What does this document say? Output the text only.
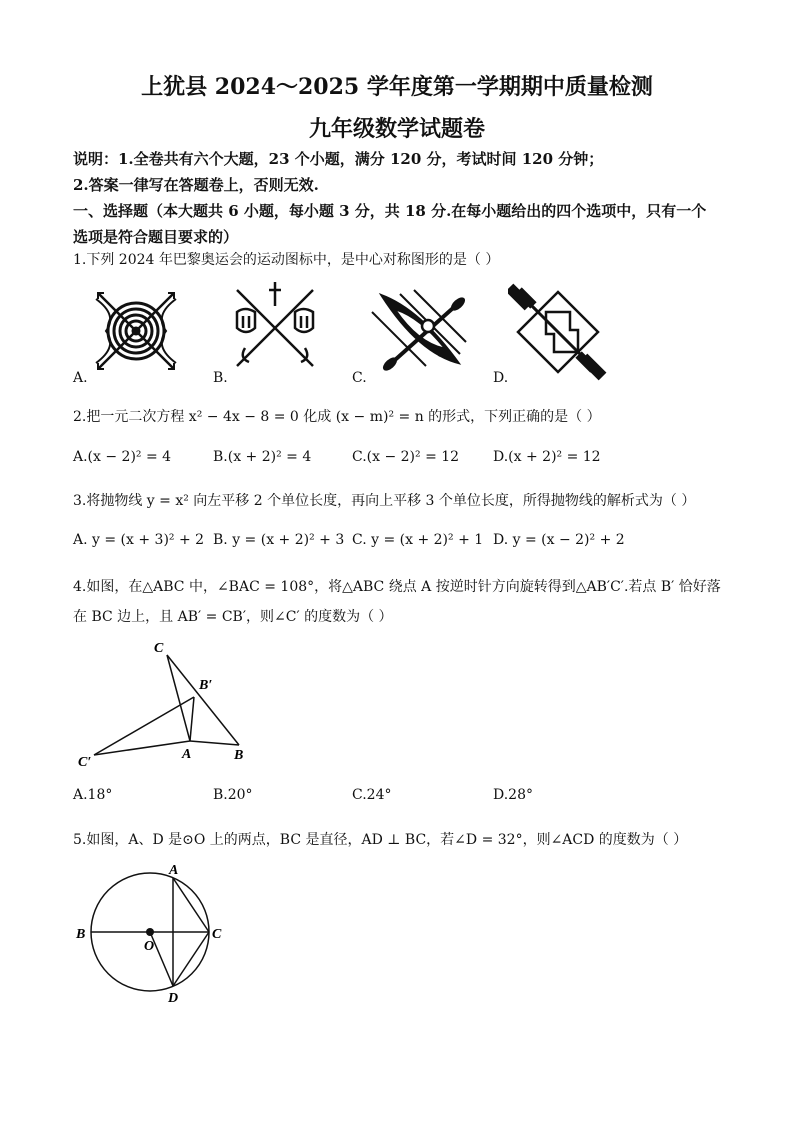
上犹县 2024～2025 学年度第一学期期中质量检测
九年级数学试题卷
说明：1.全卷共有六个大题，23 个小题，满分 120 分，考试时间 120 分钟；
2.答案一律写在答题卷上，否则无效.
一、选择题（本大题共 6 小题，每小题 3 分，共 18 分.在每小题给出的四个选项中，只有一个
选项是符合题目要求的）
1.下列 2024 年巴黎奥运会的运动图标中，是中心对称图形的是（ ）
A.	B.	C.	D.
2.把一元二次方程 x² − 4x − 8 = 0 化成 (x − m)² = n 的形式，下列正确的是（ ）
A.(x − 2)² = 4	B.(x + 2)² = 4	C.(x − 2)² = 12 D.(x + 2)² = 12
3.将抛物线 y = x² 向左平移 2 个单位长度，再向上平移 3 个单位长度，所得抛物线的解析式为（ ）
A. y = (x + 3)² + 2 B. y = (x + 2)² + 3 C. y = (x + 2)² + 1 D. y = (x − 2)² + 2
4.如图，在△ABC 中，∠BAC = 108°，将△ABC 绕点 A 按逆时针方向旋转得到△AB′C′.若点 B′ 恰好落
在 BC 边上，且 AB′ = CB′，则∠C′ 的度数为（ ）
C
B′
C′
A	B
A.18°	B.20°	C.24°	D.28°
5.如图，A、D 是⊙O 上的两点，BC 是直径，AD ⊥ BC，若∠D = 32°，则∠ACD 的度数为（ ）
A
B
O
C
D
